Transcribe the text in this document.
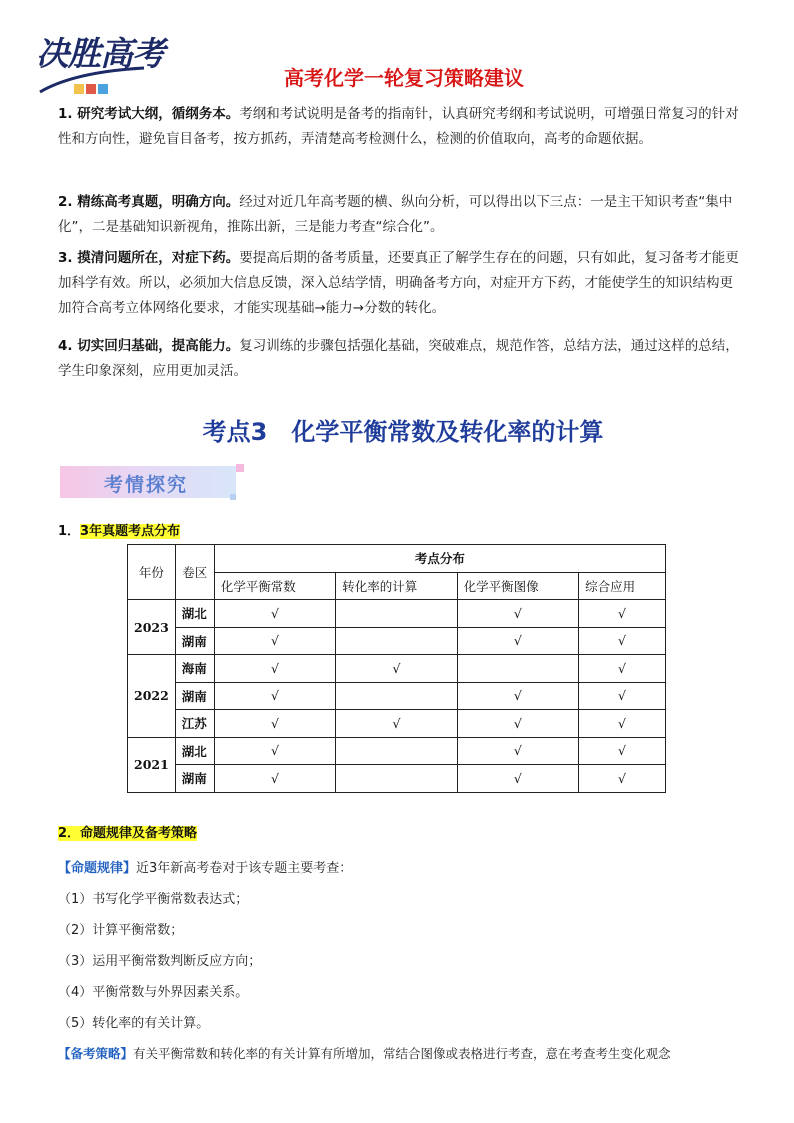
决胜高考
高考化学一轮复习策略建议
1. 研究考试大纲，循纲务本。考纲和考试说明是备考的指南针，认真研究考纲和考试说明，可增强日常复习的针对性和方向性，避免盲目备考，按方抓药，弄清楚高考检测什么，检测的价值取向，高考的命题依据。
2. 精练高考真题，明确方向。经过对近几年高考题的横、纵向分析，可以得出以下三点：一是主干知识考查“集中化”，二是基础知识新视角，推陈出新，三是能力考查“综合化”。
3. 摸清问题所在，对症下药。要提高后期的备考质量，还要真正了解学生存在的问题，只有如此，复习备考才能更加科学有效。所以，必须加大信息反馈，深入总结学情，明确备考方向，对症开方下药，才能使学生的知识结构更加符合高考立体网络化要求，才能实现基础→能力→分数的转化。
4. 切实回归基础，提高能力。复习训练的步骤包括强化基础，突破难点，规范作答，总结方法，通过这样的总结，学生印象深刻，应用更加灵活。
考点3　化学平衡常数及转化率的计算
考情探究
1．3年真题考点分布
年份	卷区	考点分布			
		化学平衡常数	转化率的计算	化学平衡图像	综合应用
2023	湖北	√		√	√
	湖南	√		√	√
2022	海南	√	√		√
	湖南	√		√	√
	江苏	√	√	√	√
2021	湖北	√		√	√
	湖南	√		√	√
2．命题规律及备考策略
【命题规律】近3年新高考卷对于该专题主要考查：
（1）书写化学平衡常数表达式；
（2）计算平衡常数；
（3）运用平衡常数判断反应方向；
（4）平衡常数与外界因素关系。
（5）转化率的有关计算。
【备考策略】有关平衡常数和转化率的有关计算有所增加，常结合图像或表格进行考查，意在考查考生变化观念
